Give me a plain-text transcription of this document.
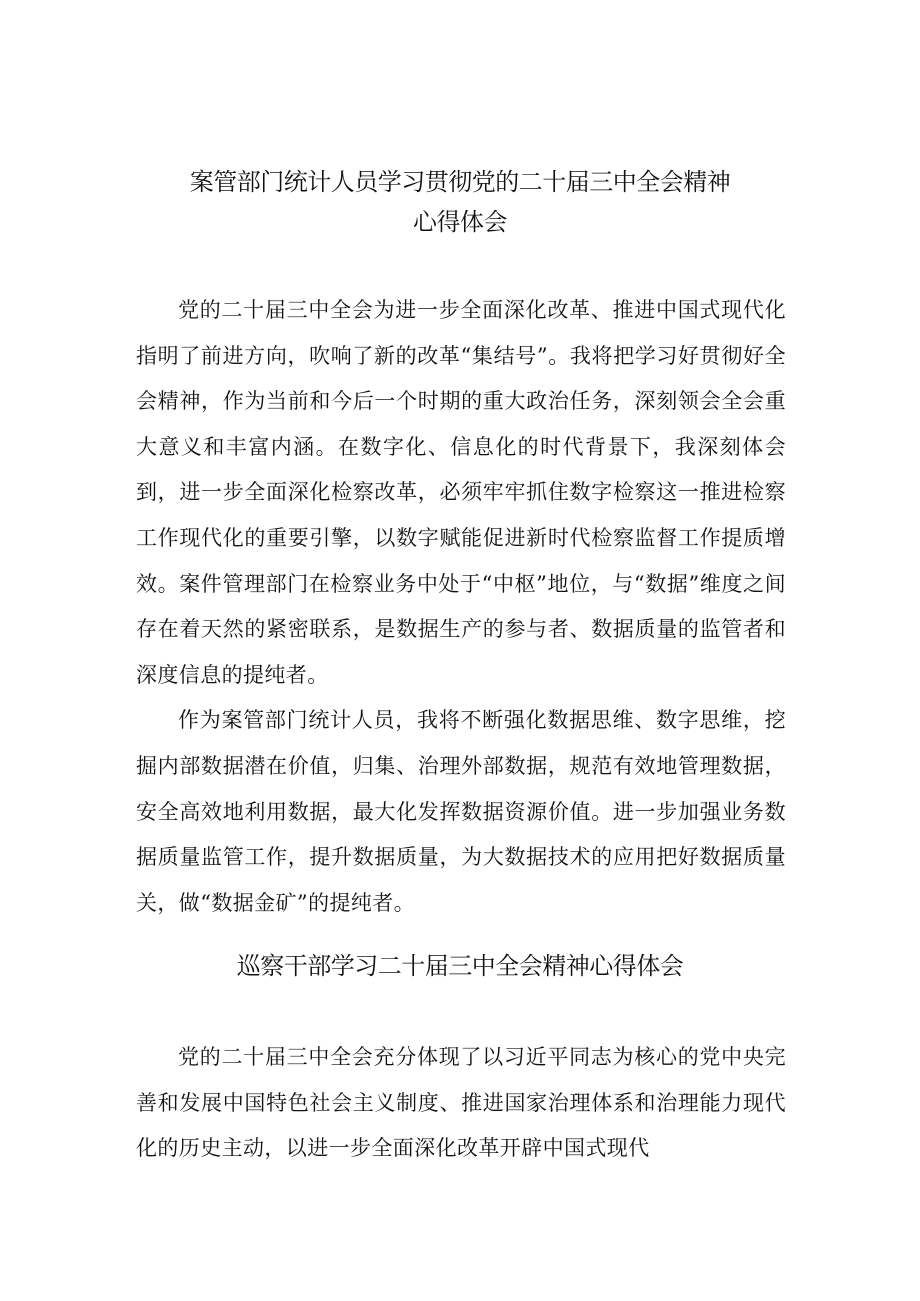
案管部门统计人员学习贯彻党的二十届三中全会精神

心得体会

党的二十届三中全会为进一步全面深化改革、推进中国式现代化指明了前进方向，吹响了新的改革“集结号”。我将把学习好贯彻好全会精神，作为当前和今后一个时期的重大政治任务，深刻领会全会重大意义和丰富内涵。在数字化、信息化的时代背景下，我深刻体会到，进一步全面深化检察改革，必须牢牢抓住数字检察这一推进检察工作现代化的重要引擎，以数字赋能促进新时代检察监督工作提质增效。案件管理部门在检察业务中处于“中枢”地位，与“数据”维度之间存在着天然的紧密联系，是数据生产的参与者、数据质量的监管者和深度信息的提纯者。

作为案管部门统计人员，我将不断强化数据思维、数字思维，挖掘内部数据潜在价值，归集、治理外部数据，规范有效地管理数据，安全高效地利用数据，最大化发挥数据资源价值。进一步加强业务数据质量监管工作，提升数据质量，为大数据技术的应用把好数据质量关，做“数据金矿”的提纯者。

巡察干部学习二十届三中全会精神心得体会

党的二十届三中全会充分体现了以习近平同志为核心的党中央完善和发展中国特色社会主义制度、推进国家治理体系和治理能力现代化的历史主动，以进一步全面深化改革开辟中国式现代
